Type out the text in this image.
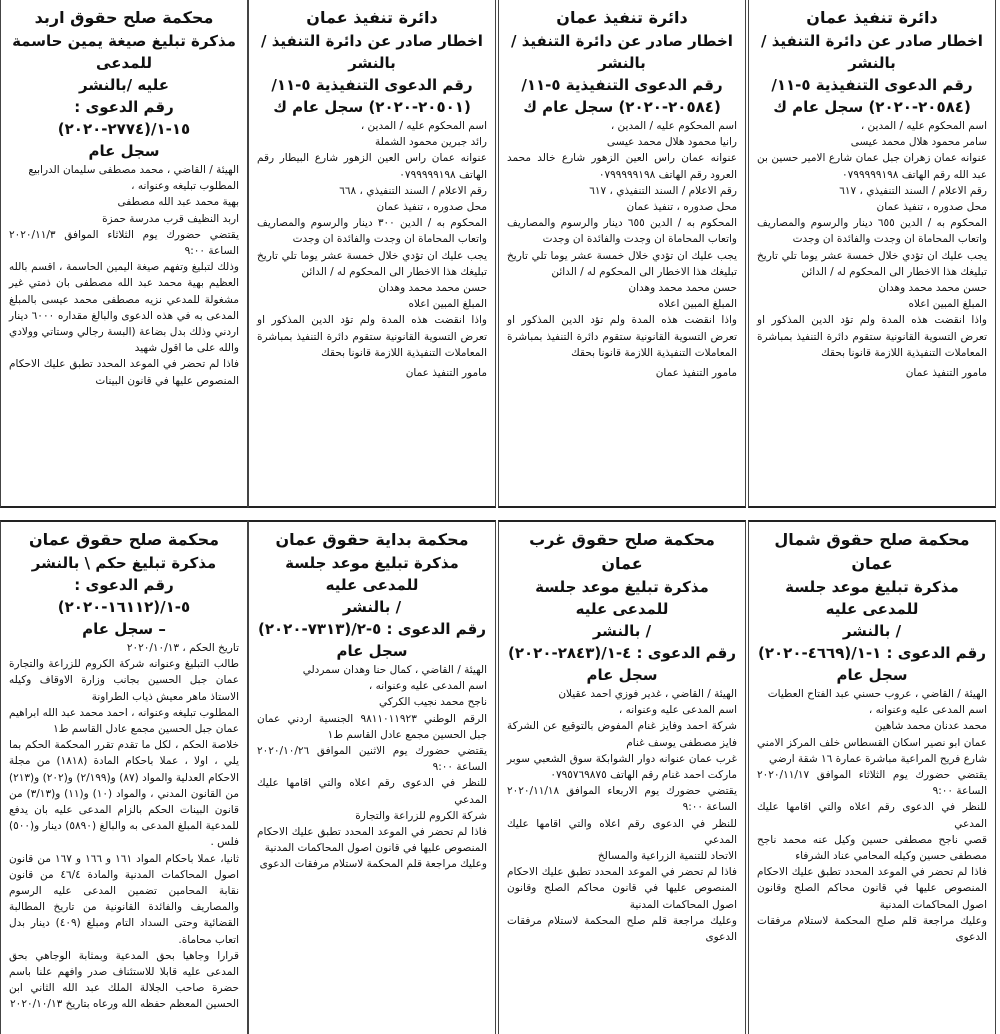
محكمة صلح حقوق اربد
مذكرة تبليغ صيغة يمين حاسمة للمدعى
عليه /بالنشر
رقم الدعوى : ١٥-١/(٢٧٧٤-٢٠٢٠)
سجل عام
الهيئة / القاضي ، محمد مصطفى سليمان الدرابيع
المطلوب تبليغه وعنوانه ،
بهية محمد عبد الله مصطفى
اربد النظيف قرب مدرسة حمزة
يقتضي حضورك يوم الثلاثاء الموافق ٢٠٢٠/١١/٣ الساعة ٩:٠٠
وذلك لتبليغ وتفهم صيغة اليمين الحاسمة ، اقسم بالله العظيم بهية محمد عبد الله مصطفى بان ذمتي غير مشغولة للمدعي نزيه مصطفى محمد عيسى بالمبلغ المدعى به في هذه الدعوى والبالغ مقداره ٦٠٠٠ دينار اردني وذلك بدل بضاعة (البسة رجالي وستاتي وولادي والله على ما اقول شهيد
فاذا لم تحضر في الموعد المحدد تطبق عليك الاحكام المنصوص عليها في قانون البينات
دائرة تنفيذ عمان
اخطار صادر عن دائرة التنفيذ / بالنشر
رقم الدعوى التنفيذية ٥-١١/
(٢٠٥٠١-٢٠٢٠) سجل عام ك
اسم المحكوم عليه / المدين ،
رائد جبرين محمود الشملة
عنوانه عمان راس العين الزهور شارع البيطار رقم الهاتف ٠٧٩٩٩٩٩١٩٨
رقم الاعلام / السند التنفيذي ، ٦٦٨
محل صدوره ، تنفيذ عمان
المحكوم به / الدين ٣٠٠ دينار والرسوم والمصاريف واتعاب المحاماة ان وجدت والفائدة ان وجدت
يجب عليك ان تؤدي خلال خمسة عشر يوما تلي تاريخ تبليغك هذا الاخطار الى المحكوم له / الدائن
حسن محمد محمد وهدان
المبلغ المبين اعلاه
واذا انقضت هذه المدة ولم تؤد الدين المذكور او تعرض التسوية القانونية ستقوم دائرة التنفيذ بمباشرة المعاملات التنفيذية اللازمة قانونا بحقك
مامور التنفيذ عمان
دائرة تنفيذ عمان
اخطار صادر عن دائرة التنفيذ / بالنشر
رقم الدعوى التنفيذية ٥-١١/
(٢٠٥٨٤-٢٠٢٠) سجل عام ك
اسم المحكوم عليه / المدين ،
رانيا محمود هلال محمد عيسى
عنوانه عمان راس العين الزهور شارع خالد محمد العرود رقم الهاتف ٠٧٩٩٩٩٩١٩٨
رقم الاعلام / السند التنفيذي ، ٦١٧
محل صدوره ، تنفيذ عمان
المحكوم به / الدين ٦٥٥ دينار والرسوم والمصاريف واتعاب المحاماة ان وجدت والفائدة ان وجدت
يجب عليك ان تؤدي خلال خمسة عشر يوما تلي تاريخ تبليغك هذا الاخطار الى المحكوم له / الدائن
حسن محمد محمد وهدان
المبلغ المبين اعلاه
واذا انقضت هذه المدة ولم تؤد الدين المذكور او تعرض التسوية القانونية ستقوم دائرة التنفيذ بمباشرة المعاملات التنفيذية اللازمة قانونا بحقك
مامور التنفيذ عمان
دائرة تنفيذ عمان
اخطار صادر عن دائرة التنفيذ / بالنشر
رقم الدعوى التنفيذية ٥-١١/
(٢٠٥٨٤-٢٠٢٠) سجل عام ك
اسم المحكوم عليه / المدين ،
سامر محمود هلال محمد عيسى
عنوانه عمان زهران جبل عمان شارع الامير حسين بن عبد الله رقم الهاتف ٠٧٩٩٩٩٩١٩٨
رقم الاعلام / السند التنفيذي ، ٦١٧
محل صدوره ، تنفيذ عمان
المحكوم به / الدين ٦٥٥ دينار والرسوم والمصاريف واتعاب المحاماة ان وجدت والفائدة ان وجدت
يجب عليك ان تؤدي خلال خمسة عشر يوما تلي تاريخ تبليغك هذا الاخطار الى المحكوم له / الدائن
حسن محمد محمد وهدان
المبلغ المبين اعلاه
واذا انقضت هذه المدة ولم تؤد الدين المذكور او تعرض التسوية القانونية ستقوم دائرة التنفيذ بمباشرة المعاملات التنفيذية اللازمة قانونا بحقك
مامور التنفيذ عمان
محكمة صلح حقوق عمان
مذكرة تبليغ حكم \ بالنشر
رقم الدعوى : ٥-١/(١٦١١٢-٢٠٢٠)
– سجل عام
تاريخ الحكم ، ٢٠٢٠/١٠/١٣
طالب التبليغ وعنوانه شركة الكروم للزراعة والتجارة عمان جبل الحسين بجانب وزارة الاوقاف وكيله الاستاذ ماهر معيش ذياب الطراونة
المطلوب تبليغه وعنوانه ، احمد محمد عبد الله ابراهيم عمان جبل الحسين مجمع عادل القاسم ط١
خلاصة الحكم ، لكل ما تقدم تقرر المحكمة الحكم بما يلي ، اولا ، عملا باحكام المادة (١٨١٨) من مجلة الاحكام العدلية والمواد (٨٧) و(٢/١٩٩) و(٢٠٢) و(٢١٣) من القانون المدني ، والمواد (١٠) و(١١) و(٣/١٣) من قانون البينات الحكم بالزام المدعى عليه بان يدفع للمدعية المبلغ المدعى به والبالغ (٥٨٩٠) دينار و(٥٠٠) فلس .
ثانيا، عملا باحكام المواد ١٦١ و ١٦٦ و ١٦٧ من قانون اصول المحاكمات المدنية والمادة ٤٦/٤ من قانون نقابة المحامين تضمين المدعى عليه الرسوم والمصاريف والفائدة القانونية من تاريخ المطالبة القضائية وحتى السداد التام ومبلغ (٤٠٩) دينار بدل اتعاب محاماة.
قرارا وجاهيا بحق المدعية وبمثابة الوجاهي بحق المدعى عليه قابلا للاستئناف صدر وافهم علنا باسم حضرة صاحب الجلالة الملك عبد الله الثاني ابن الحسين المعظم حفظه الله ورعاه بتاريخ ٢٠٢٠/١٠/١٣
محكمة بداية حقوق عمان
مذكرة تبليغ موعد جلسة للمدعى عليه
/ بالنشر
رقم الدعوى : ٥-٢/(٧٣١٣-٢٠٢٠)
سجل عام
الهيئة / القاضي ، كمال حنا وهدان سمردلي
اسم المدعى عليه وعنوانه ،
ناجح محمد نجيب الكركي
الرقم الوطني ٩٨١١٠١١٩٢٣ الجنسية اردني عمان جبل الحسين مجمع عادل القاسم ط١
يقتضي حضورك يوم الاثنين الموافق ٢٠٢٠/١٠/٢٦ الساعة ٩:٠٠
للنظر في الدعوى رقم اعلاه والتي اقامها عليك المدعي
شركة الكروم للزراعة والتجارة
فاذا لم تحضر في الموعد المحدد تطبق عليك الاحكام المنصوص عليها في قانون اصول المحاكمات المدنية
وعليك مراجعة قلم المحكمة لاستلام مرفقات الدعوى
محكمة صلح حقوق غرب عمان
مذكرة تبليغ موعد جلسة للمدعى عليه
/ بالنشر
رقم الدعوى : ٤-١/(٢٨٤٣-٢٠٢٠)
سجل عام
الهيئة / القاضي ، غدير فوزي احمد عقيلان
اسم المدعى عليه وعنوانه ،
شركة احمد وفايز غنام المفوض بالتوقيع عن الشركة فايز مصطفى يوسف غنام
غرب عمان عنوانه دوار الشوابكة سوق الشعبي سوبر ماركت احمد غنام رقم الهاتف ٠٧٩٥٧٦٩٨٧٥
يقتضي حضورك يوم الاربعاء الموافق ٢٠٢٠/١١/١٨ الساعة ٩:٠٠
للنظر في الدعوى رقم اعلاه والتي اقامها عليك المدعي
الاتحاد للتنمية الزراعية والمسالخ
فاذا لم تحضر في الموعد المحدد تطبق عليك الاحكام المنصوص عليها في قانون محاكم الصلح وقانون اصول المحاكمات المدنية
وعليك مراجعة قلم صلح المحكمة لاستلام مرفقات الدعوى
محكمة صلح حقوق شمال عمان
مذكرة تبليغ موعد جلسة للمدعى عليه
/ بالنشر
رقم الدعوى : ١-١/(٤٦٦٩-٢٠٢٠)
سجل عام
الهيئة / القاضي ، عروب حسني عبد الفتاح العطيات
اسم المدعى عليه وعنوانه ،
محمد عدنان محمد شاهين
عمان ابو نصير اسكان القسطاس خلف المركز الامني شارع فريح المراعية مباشرة عمارة ١٦ شقة ارضي
يقتضي حضورك يوم الثلاثاء الموافق ٢٠٢٠/١١/١٧ الساعة ٩:٠٠
للنظر في الدعوى رقم اعلاه والتي اقامها عليك المدعي
قصي ناجح مصطفى حسين وكيل عنه محمد ناجح مصطفى حسين وكيله المحامي عناد الشرفاء
فاذا لم تحضر في الموعد المحدد تطبق عليك الاحكام المنصوص عليها في قانون محاكم الصلح وقانون اصول المحاكمات المدنية
وعليك مراجعة قلم صلح المحكمة لاستلام مرفقات الدعوى
